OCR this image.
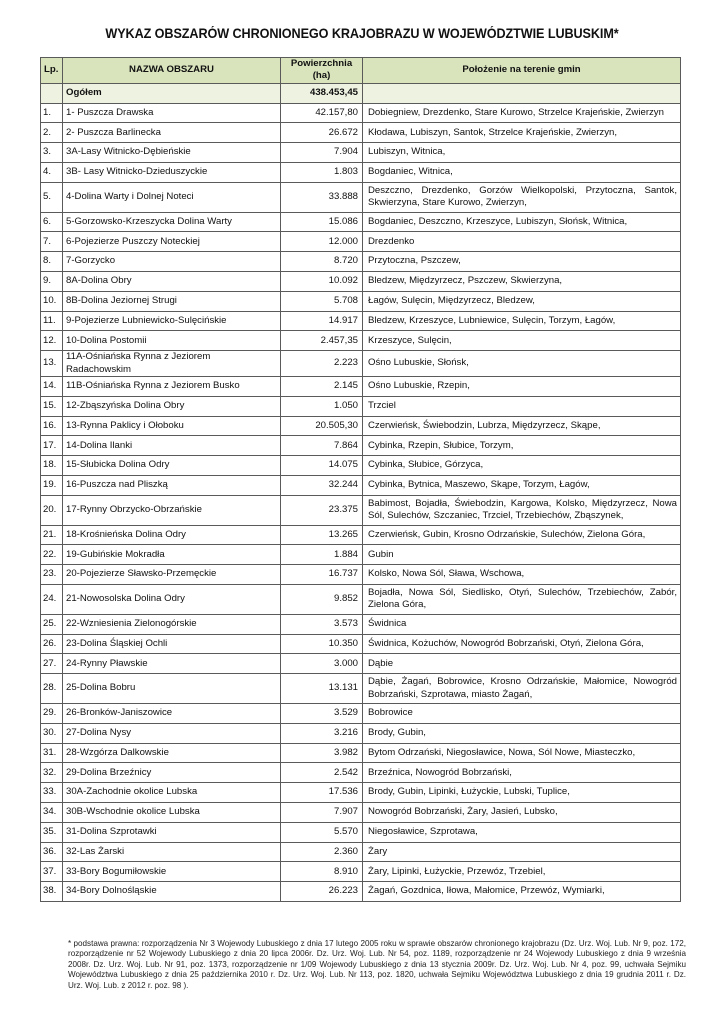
WYKAZ OBSZARÓW CHRONIONEGO KRAJOBRAZU W WOJEWÓDZTWIE LUBUSKIM*
Lp.	NAZWA OBSZARU	Powierzchnia (ha)	Położenie na terenie gmin
	Ogółem	438.453,45	
1.	1- Puszcza Drawska	42.157,80	Dobiegniew, Drezdenko, Stare Kurowo, Strzelce Krajeńskie, Zwierzyn
2.	2- Puszcza Barlinecka	26.672	Kłodawa, Lubiszyn, Santok, Strzelce Krajeńskie, Zwierzyn,
3.	3A-Lasy Witnicko-Dębieńskie	7.904	Lubiszyn, Witnica,
4.	3B- Lasy Witnicko-Dzieduszyckie	1.803	Bogdaniec, Witnica,
5.	4-Dolina Warty i Dolnej Noteci	33.888	Deszczno, Drezdenko, Gorzów Wielkopolski, Przytoczna, Santok, Skwierzyna, Stare Kurowo, Zwierzyn,
6.	5-Gorzowsko-Krzeszycka Dolina Warty	15.086	Bogdaniec, Deszczno, Krzeszyce, Lubiszyn, Słońsk, Witnica,
7.	6-Pojezierze Puszczy Noteckiej	12.000	Drezdenko
8.	7-Gorzycko	8.720	Przytoczna, Pszczew,
9.	8A-Dolina Obry	10.092	Bledzew, Międzyrzecz, Pszczew, Skwierzyna,
10.	8B-Dolina Jeziornej Strugi	5.708	Łagów, Sulęcin, Międzyrzecz, Bledzew,
11.	9-Pojezierze Lubniewicko-Sulęcińskie	14.917	Bledzew, Krzeszyce, Lubniewice, Sulęcin, Torzym, Łagów,
12.	10-Dolina Postomii	2.457,35	Krzeszyce, Sulęcin,
13.	11A-Ośniańska Rynna z Jeziorem Radachowskim	2.223	Ośno Lubuskie, Słońsk,
14.	11B-Ośniańska Rynna z Jeziorem Busko	2.145	Ośno Lubuskie, Rzepin,
15.	12-Zbąszyńska Dolina Obry	1.050	Trzciel
16.	13-Rynna Paklicy i Ołoboku	20.505,30	Czerwieńsk, Świebodzin, Lubrza, Międzyrzecz, Skąpe,
17.	14-Dolina Ilanki	7.864	Cybinka, Rzepin, Słubice, Torzym,
18.	15-Słubicka Dolina Odry	14.075	Cybinka, Słubice, Górzyca,
19.	16-Puszcza nad Pliszką	32.244	Cybinka, Bytnica, Maszewo, Skąpe, Torzym, Łagów,
20.	17-Rynny Obrzycko-Obrzańskie	23.375	Babimost, Bojadła, Świebodzin, Kargowa, Kolsko, Międzyrzecz, Nowa Sól, Sulechów, Szczaniec, Trzciel, Trzebiechów, Zbąszynek,
21.	18-Krośnieńska Dolina Odry	13.265	Czerwieńsk, Gubin, Krosno Odrzańskie, Sulechów, Zielona Góra,
22.	19-Gubińskie Mokradła	1.884	Gubin
23.	20-Pojezierze Sławsko-Przemęckie	16.737	Kolsko, Nowa Sól, Sława, Wschowa,
24.	21-Nowosolska Dolina Odry	9.852	Bojadła, Nowa Sól, Siedlisko, Otyń, Sulechów, Trzebiechów, Zabór, Zielona Góra,
25.	22-Wzniesienia Zielonogórskie	3.573	Świdnica
26.	23-Dolina Śląskiej Ochli	10.350	Świdnica, Kożuchów, Nowogród Bobrzański, Otyń, Zielona Góra,
27.	24-Rynny Pławskie	3.000	Dąbie
28.	25-Dolina Bobru	13.131	Dąbie, Żagań, Bobrowice, Krosno Odrzańskie, Małomice, Nowogród Bobrzański, Szprotawa, miasto Żagań,
29.	26-Bronków-Janiszowice	3.529	Bobrowice
30.	27-Dolina Nysy	3.216	Brody, Gubin,
31.	28-Wzgórza Dalkowskie	3.982	Bytom Odrzański, Niegosławice, Nowa, Sól Nowe, Miasteczko,
32.	29-Dolina Brzeźnicy	2.542	Brzeźnica, Nowogród Bobrzański,
33.	30A-Zachodnie okolice Lubska	17.536	Brody, Gubin, Lipinki, Łużyckie, Lubski, Tuplice,
34.	30B-Wschodnie okolice Lubska	7.907	Nowogród Bobrzański, Żary, Jasień, Lubsko,
35.	31-Dolina Szprotawki	5.570	Niegosławice, Szprotawa,
36.	32-Las Żarski	2.360	Żary
37.	33-Bory Bogumiłowskie	8.910	Żary, Lipinki, Łużyckie, Przewóz, Trzebiel,
38.	34-Bory Dolnośląskie	26.223	Żagań, Gozdnica, Iłowa, Małomice, Przewóz, Wymiarki,
* podstawa prawna: rozporządzenia Nr 3 Wojewody Lubuskiego z dnia 17 lutego 2005 roku w sprawie obszarów chronionego krajobrazu (Dz. Urz. Woj. Lub. Nr 9, poz. 172, rozporządzenie nr 52 Wojewody Lubuskiego z dnia 20 lipca 2006r. Dz. Urz. Woj. Lub. Nr 54, poz. 1189, rozporządzenie nr 24 Wojewody Lubuskiego z dnia 9 września 2008r. Dz. Urz. Woj. Lub. Nr 91, poz. 1373, rozporządzenie nr 1/09 Wojewody Lubuskiego z dnia 13 stycznia 2009r. Dz. Urz. Woj. Lub. Nr 4, poz. 99, uchwała Sejmiku Województwa Lubuskiego z dnia 25 października 2010 r. Dz. Urz. Woj. Lub. Nr 113, poz. 1820, uchwała Sejmiku Województwa Lubuskiego z dnia 19 grudnia 2011 r. Dz. Urz. Woj. Lub. z 2012 r. poz. 98 ).
